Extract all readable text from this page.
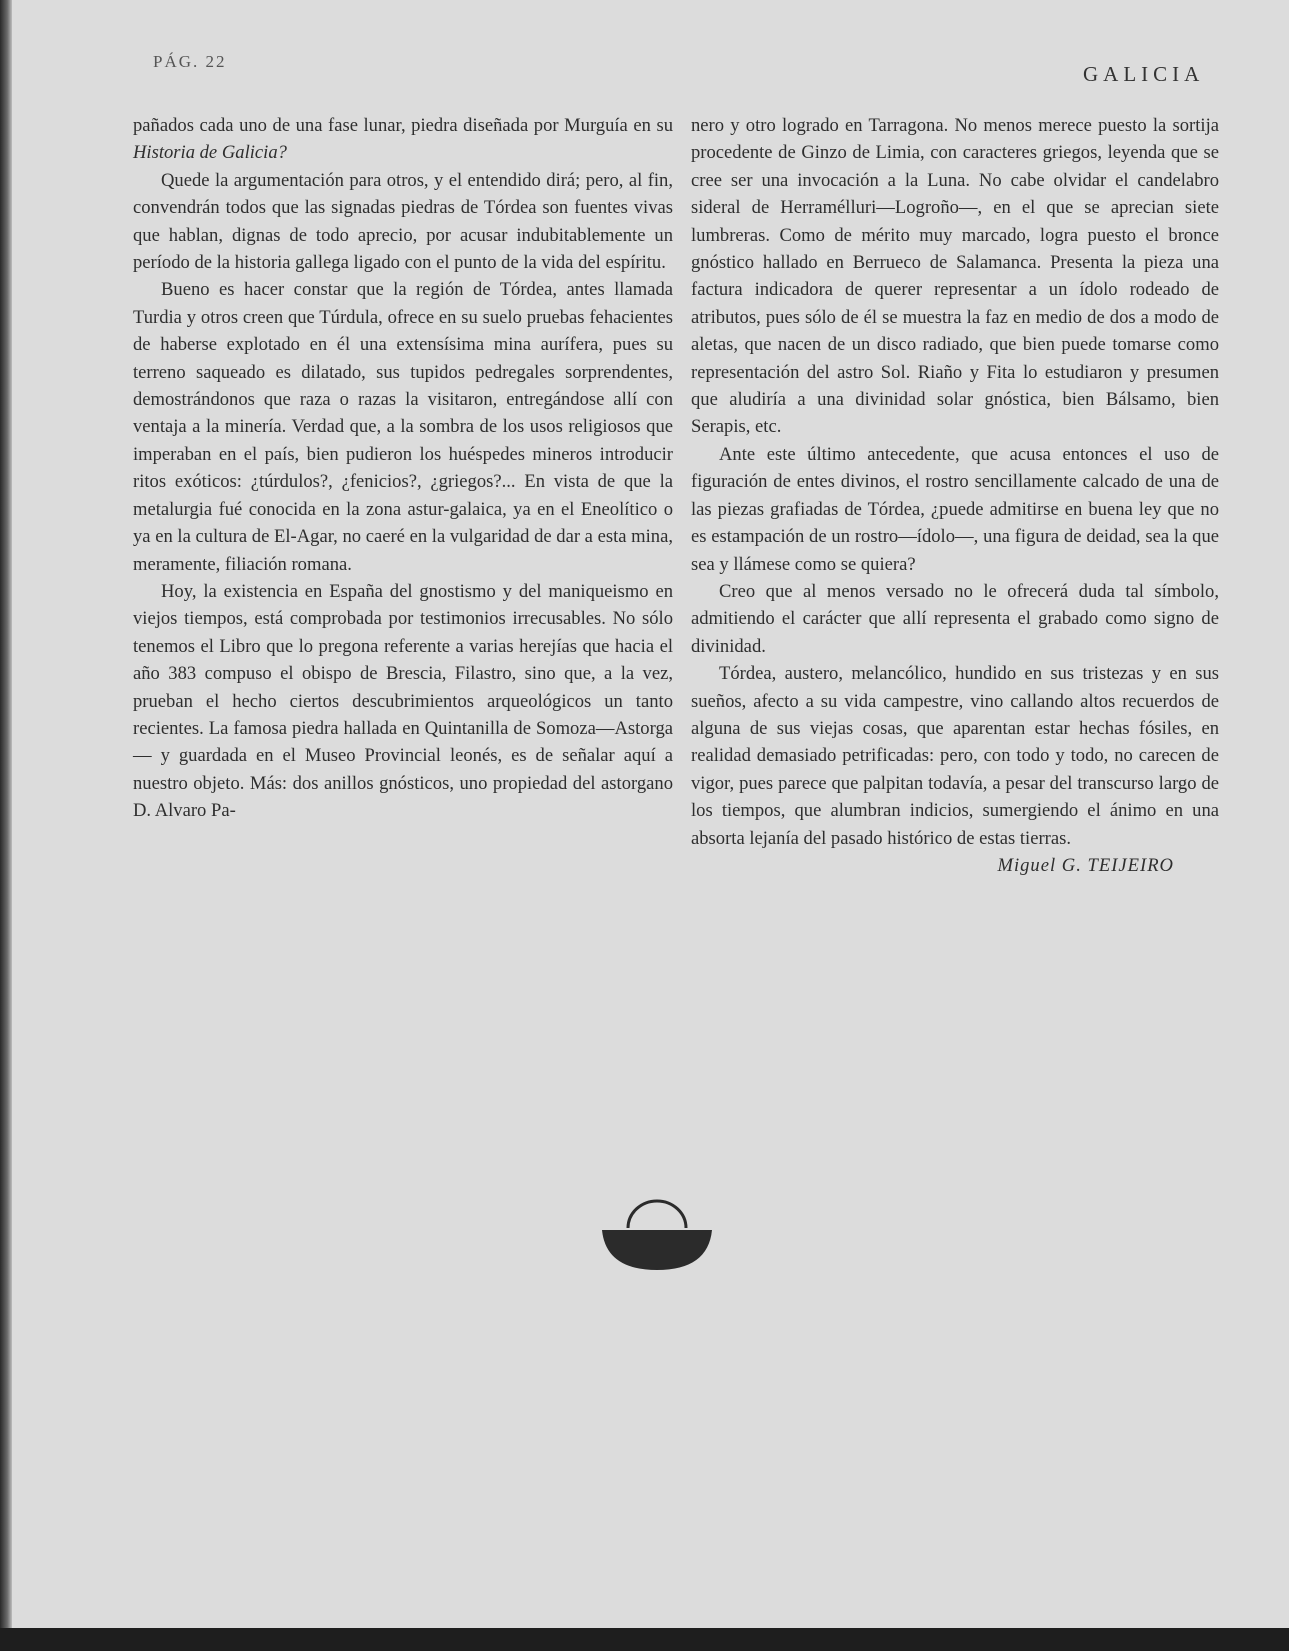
PÁG. 22

GALICIA

pañados cada uno de una fase lunar, piedra diseñada por Murguía en su Historia de Galicia?

Quede la argumentación para otros, y el entendido dirá; pero, al fin, convendrán todos que las signadas piedras de Tórdea son fuentes vivas que hablan, dignas de todo aprecio, por acusar indubitablemente un período de la historia gallega ligado con el punto de la vida del espíritu.

Bueno es hacer constar que la región de Tórdea, antes llamada Turdia y otros creen que Túrdula, ofrece en su suelo pruebas fehacientes de haberse explotado en él una extensísima mina aurífera, pues su terreno saqueado es dilatado, sus tupidos pedregales sorprendentes, demostrándonos que raza o razas la visitaron, entregándose allí con ventaja a la minería. Verdad que, a la sombra de los usos religiosos que imperaban en el país, bien pudieron los huéspedes mineros introducir ritos exóticos: ¿túrdulos?, ¿fenicios?, ¿griegos?... En vista de que la metalurgia fué conocida en la zona astur-galaica, ya en el Eneolítico o ya en la cultura de El-Agar, no caeré en la vulgaridad de dar a esta mina, meramente, filiación romana.

Hoy, la existencia en España del gnostismo y del maniqueismo en viejos tiempos, está comprobada por testimonios irrecusables. No sólo tenemos el Libro que lo pregona referente a varias herejías que hacia el año 383 compuso el obispo de Brescia, Filastro, sino que, a la vez, prueban el hecho ciertos descubrimientos arqueológicos un tanto recientes. La famosa piedra hallada en Quintanilla de Somoza—Astorga— y guardada en el Museo Provincial leonés, es de señalar aquí a nuestro objeto. Más: dos anillos gnósticos, uno propiedad del astorgano D. Alvaro Pa-

nero y otro logrado en Tarragona. No menos merece puesto la sortija procedente de Ginzo de Limia, con caracteres griegos, leyenda que se cree ser una invocación a la Luna. No cabe olvidar el candelabro sideral de Herramélluri—Logroño—, en el que se aprecian siete lumbreras. Como de mérito muy marcado, logra puesto el bronce gnóstico hallado en Berrueco de Salamanca. Presenta la pieza una factura indicadora de querer representar a un ídolo rodeado de atributos, pues sólo de él se muestra la faz en medio de dos a modo de aletas, que nacen de un disco radiado, que bien puede tomarse como representación del astro Sol. Riaño y Fita lo estudiaron y presumen que aludiría a una divinidad solar gnóstica, bien Bálsamo, bien Serapis, etc.

Ante este último antecedente, que acusa entonces el uso de figuración de entes divinos, el rostro sencillamente calcado de una de las piezas grafiadas de Tórdea, ¿puede admitirse en buena ley que no es estampación de un rostro—ídolo—, una figura de deidad, sea la que sea y llámese como se quiera?

Creo que al menos versado no le ofrecerá duda tal símbolo, admitiendo el carácter que allí representa el grabado como signo de divinidad.

Tórdea, austero, melancólico, hundido en sus tristezas y en sus sueños, afecto a su vida campestre, vino callando altos recuerdos de alguna de sus viejas cosas, que aparentan estar hechas fósiles, en realidad demasiado petrificadas: pero, con todo y todo, no carecen de vigor, pues parece que palpitan todavía, a pesar del transcurso largo de los tiempos, que alumbran indicios, sumergiendo el ánimo en una absorta lejanía del pasado histórico de estas tierras.

Miguel G. TEIJEIRO
